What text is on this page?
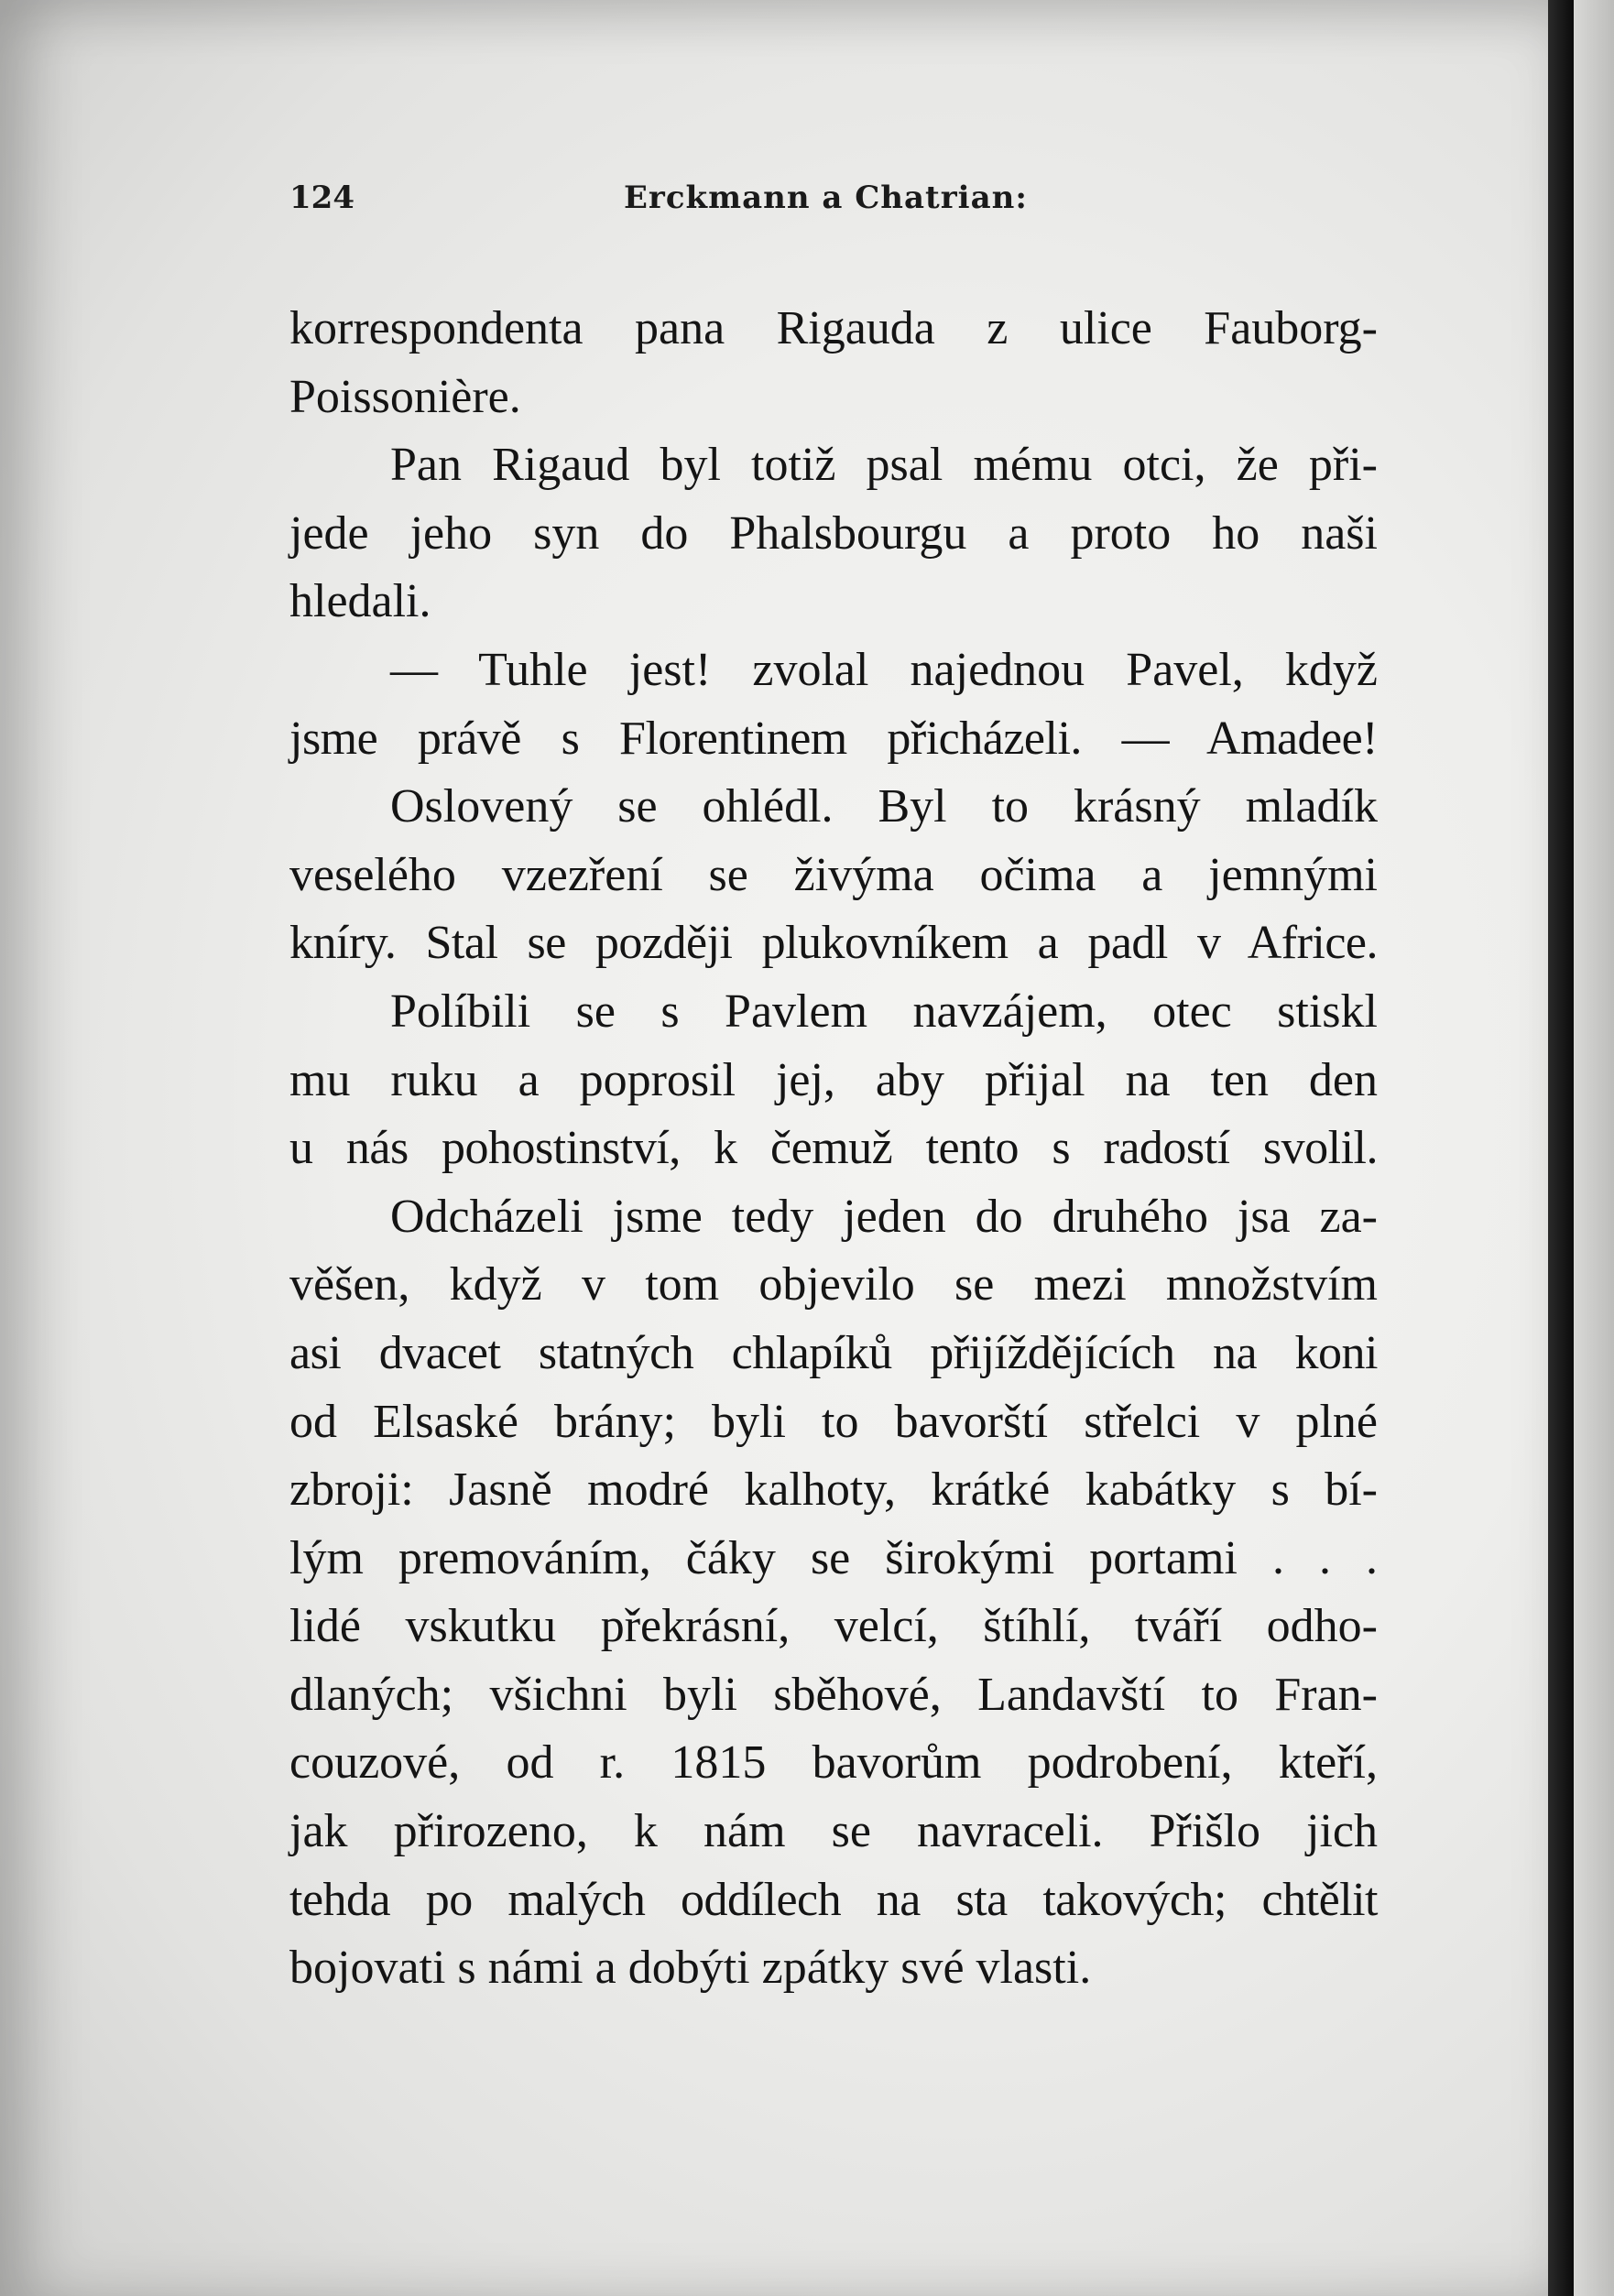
124	Erckmann a Chatrian:
korrespondenta pana Rigauda z ulice Fauborg-
Poissonière.
Pan Rigaud byl totiž psal mému otci, že při-
jede jeho syn do Phalsbourgu a proto ho naši
hledali.
— Tuhle jest! zvolal najednou Pavel, když
jsme právě s Florentinem přicházeli. — Amadee!
Oslovený se ohlédl. Byl to krásný mladík
veselého vzezření se živýma očima a jemnými
kníry. Stal se později plukovníkem a padl v Africe.
Políbili se s Pavlem navzájem, otec stiskl
mu ruku a poprosil jej, aby přijal na ten den
u nás pohostinství, k čemuž tento s radostí svolil.
Odcházeli jsme tedy jeden do druhého jsa za-
věšen, když v tom objevilo se mezi množstvím
asi dvacet statných chlapíků přijíždějících na koni
od Elsaské brány; byli to bavorští střelci v plné
zbroji: Jasně modré kalhoty, krátké kabátky s bí-
lým premováním, čáky se širokými portami . . .
lidé vskutku překrásní, velcí, štíhlí, tváří odho-
dlaných; všichni byli sběhové, Landavští to Fran-
couzové, od r. 1815 bavorům podrobení, kteří,
jak přirozeno, k nám se navraceli. Přišlo jich
tehda po malých oddílech na sta takových; chtělit
bojovati s námi a dobýti zpátky své vlasti.
